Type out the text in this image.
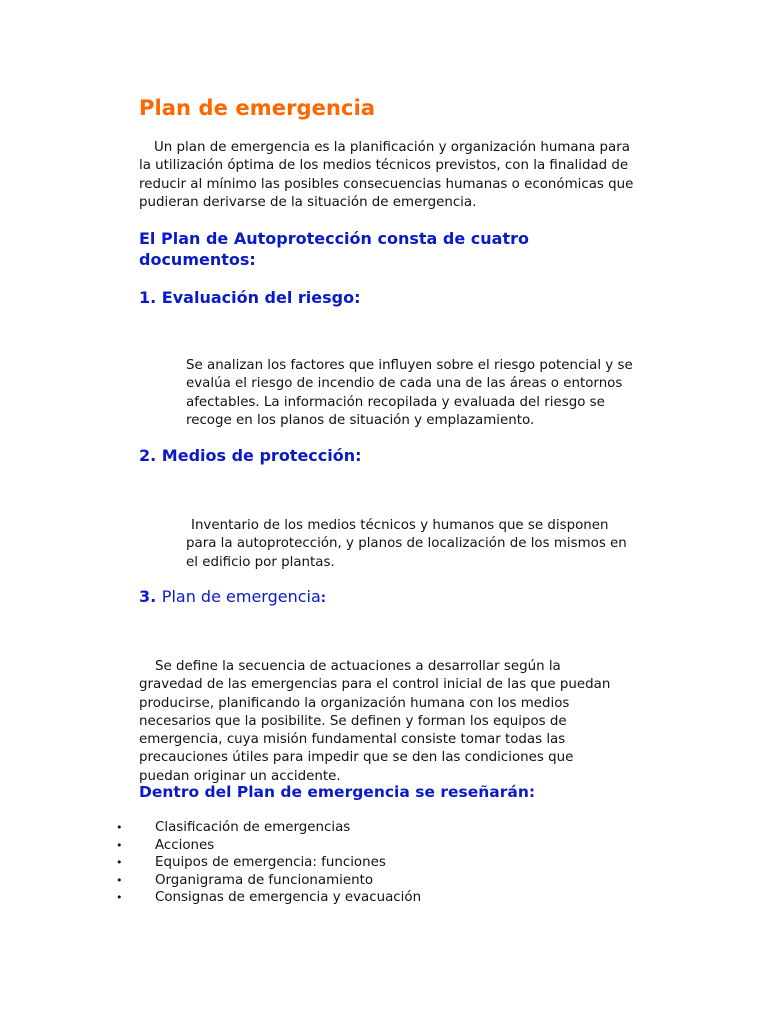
Plan de emergencia

Un plan de emergencia es la planificación y organización humana para la utilización óptima de los medios técnicos previstos, con la finalidad de reducir al mínimo las posibles consecuencias humanas o económicas que pudieran derivarse de la situación de emergencia.

El Plan de Autoprotección consta de cuatro documentos:
1. Evaluación del riesgo:

Se analizan los factores que influyen sobre el riesgo potencial y se evalúa el riesgo de incendio de cada una de las áreas o entornos afectables. La información recopilada y evaluada del riesgo se recoge en los planos de situación y emplazamiento.

2. Medios de protección:

Inventario de los medios técnicos y humanos que se disponen para la autoprotección, y planos de localización de los mismos en el edificio por plantas.

3. Plan de emergencia:

Se define la secuencia de actuaciones a desarrollar según la gravedad de las emergencias para el control inicial de las que puedan producirse, planificando la organización humana con los medios necesarios que la posibilite. Se definen y forman los equipos de emergencia, cuya misión fundamental consiste tomar todas las precauciones útiles para impedir que se den las condiciones que puedan originar un accidente.

Dentro del Plan de emergencia se reseñarán:
• Clasificación de emergencias
• Acciones
• Equipos de emergencia: funciones
• Organigrama de funcionamiento
• Consignas de emergencia y evacuación
